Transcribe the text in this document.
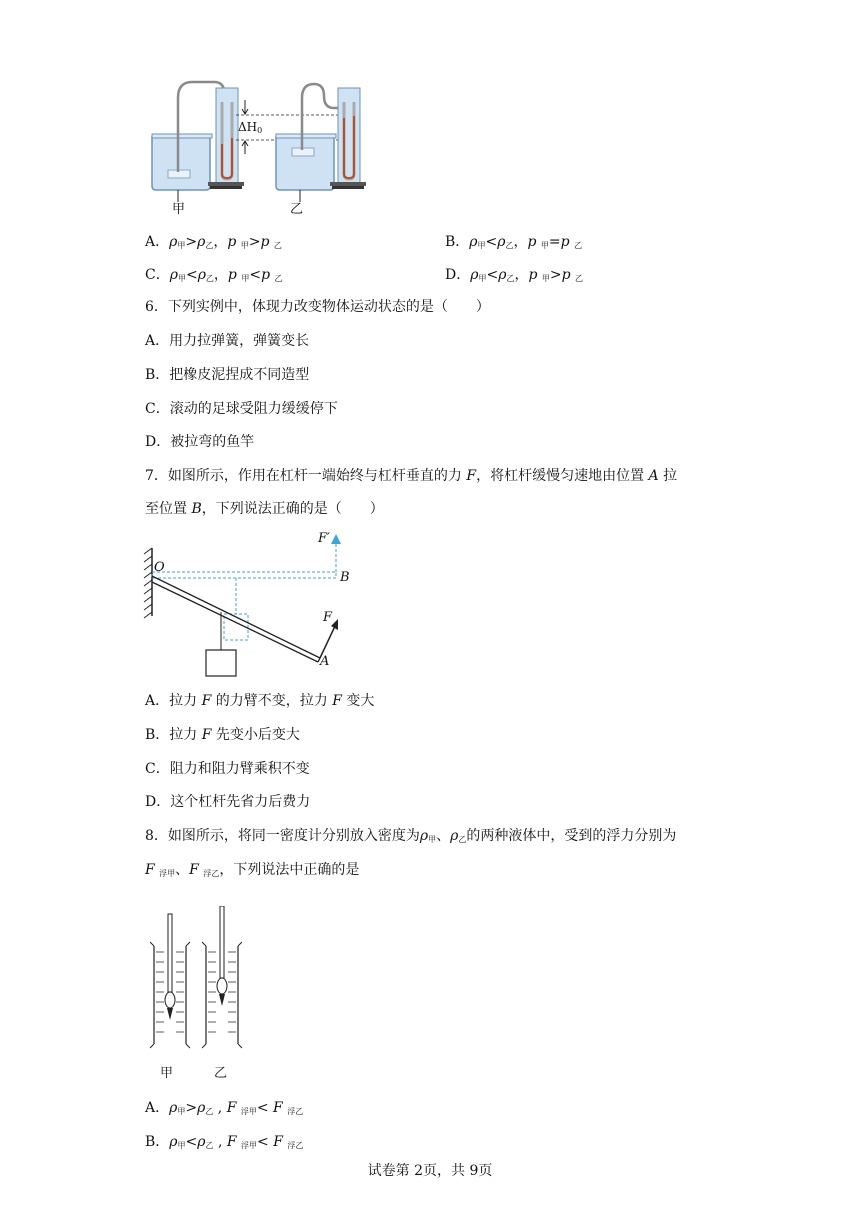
$\Delta H_0$
甲	乙
A．$\rho_甲>\rho_乙$，p $_甲$>p $_乙$	B．$\rho_甲<\rho_乙$，p $_甲$=p $_乙$
C．$\rho_甲<\rho_乙$，p $_甲$<p $_乙$	D．$\rho_甲<\rho_乙$，p $_甲$>p $_乙$
6．下列实例中，体现力改变物体运动状态的是（　　）
A．用力拉弹簧，弹簧变长
B．把橡皮泥捏成不同造型
C．滚动的足球受阻力缓缓停下
D．被拉弯的鱼竿
7．如图所示，作用在杠杆一端始终与杠杆垂直的力 F，将杠杆缓慢匀速地由位置 A 拉
至位置 B，下列说法正确的是（　　）
O
B
A
F
F′
A．拉力 F 的力臂不变，拉力 F 变大
B．拉力 F 先变小后变大
C．阻力和阻力臂乘积不变
D．这个杠杆先省力后费力
8．如图所示，将同一密度计分别放入密度为$\rho_甲$、$\rho_乙$的两种液体中，受到的浮力分别为
F $_{浮甲}$、F $_{浮乙}$，下列说法中正确的是
甲	乙
A．$\rho_甲>\rho_乙$ , F $_{浮甲}$< F $_{浮乙}$
B．$\rho_甲<\rho_乙$ , F $_{浮甲}$< F $_{浮乙}$
试卷第 2页，共 9页
